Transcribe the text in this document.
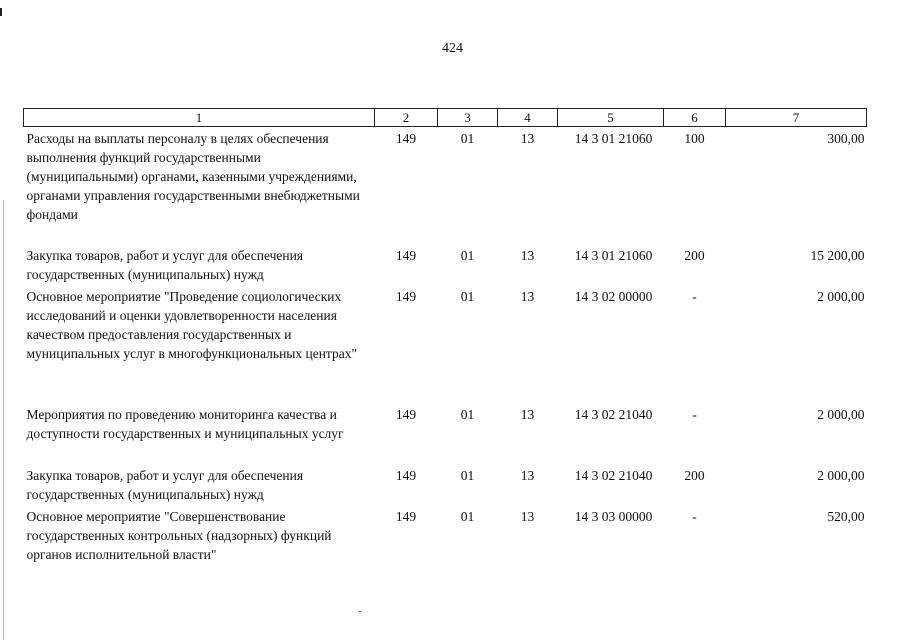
424
1	2	3	4	5	6	7
Расходы на выплаты персоналу в целях обеспечения выполнения функций государственными (муниципальными) органами, казенными учреждениями, органами управления государственными внебюджетными фондами	149	01	13	14 3 01 21060	100	300,00
Закупка товаров, работ и услуг для обеспечения государственных (муниципальных) нужд	149	01	13	14 3 01 21060	200	15 200,00
Основное мероприятие "Проведение социологических исследований и оценки удовлетворенности населения качеством предоставления государственных и муниципальных услуг в многофункциональных центрах"	149	01	13	14 3 02 00000	-	2 000,00
Мероприятия по проведению мониторинга качества и доступности государственных и муниципальных услуг	149	01	13	14 3 02 21040	-	2 000,00
Закупка товаров, работ и услуг для обеспечения государственных (муниципальных) нужд	149	01	13	14 3 02 21040	200	2 000,00
Основное мероприятие "Совершенствование государственных контрольных (надзорных) функций органов исполнительной власти"	149	01	13	14 3 03 00000	-	520,00
